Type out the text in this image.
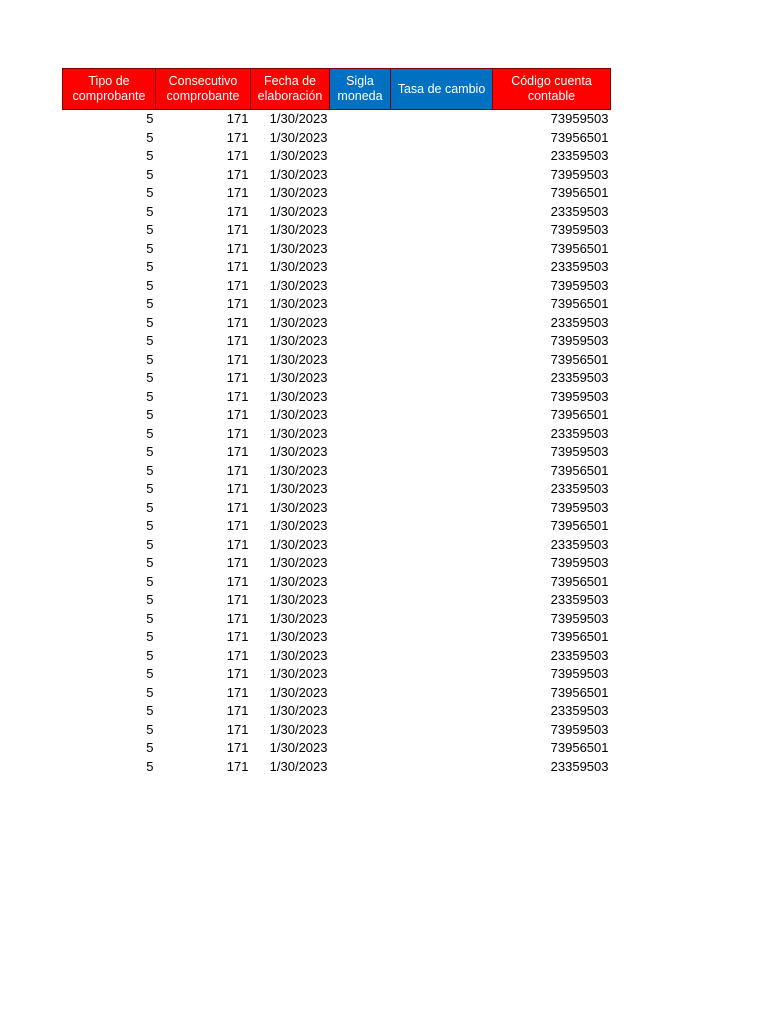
Tipo de comprobante	Consecutivo comprobante	Fecha de elaboración	Sigla moneda	Tasa de cambio	Código cuenta contable
5	171	1/30/2023			73959503
5	171	1/30/2023			73956501
5	171	1/30/2023			23359503
5	171	1/30/2023			73959503
5	171	1/30/2023			73956501
5	171	1/30/2023			23359503
5	171	1/30/2023			73959503
5	171	1/30/2023			73956501
5	171	1/30/2023			23359503
5	171	1/30/2023			73959503
5	171	1/30/2023			73956501
5	171	1/30/2023			23359503
5	171	1/30/2023			73959503
5	171	1/30/2023			73956501
5	171	1/30/2023			23359503
5	171	1/30/2023			73959503
5	171	1/30/2023			73956501
5	171	1/30/2023			23359503
5	171	1/30/2023			73959503
5	171	1/30/2023			73956501
5	171	1/30/2023			23359503
5	171	1/30/2023			73959503
5	171	1/30/2023			73956501
5	171	1/30/2023			23359503
5	171	1/30/2023			73959503
5	171	1/30/2023			73956501
5	171	1/30/2023			23359503
5	171	1/30/2023			73959503
5	171	1/30/2023			73956501
5	171	1/30/2023			23359503
5	171	1/30/2023			73959503
5	171	1/30/2023			73956501
5	171	1/30/2023			23359503
5	171	1/30/2023			73959503
5	171	1/30/2023			73956501
5	171	1/30/2023			23359503
